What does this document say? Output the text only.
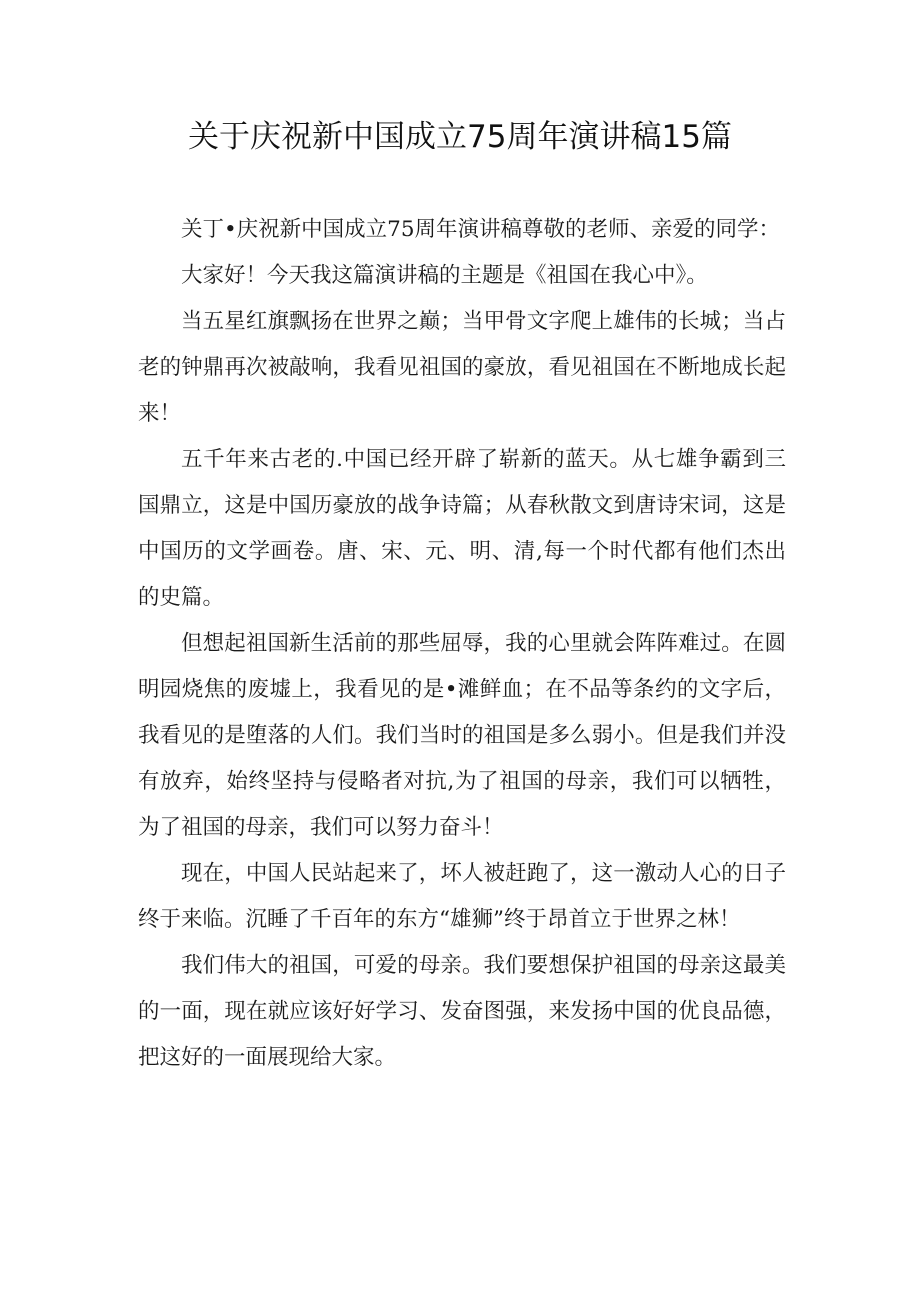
关于庆祝新中国成立75周年演讲稿15篇

关丁•庆祝新中国成立75周年演讲稿尊敬的老师、亲爱的同学：

大家好！今天我这篇演讲稿的主题是《祖国在我心中》。

当五星红旗飘扬在世界之巅；当甲骨文字爬上雄伟的长城；当占老的钟鼎再次被敲响，我看见祖国的豪放，看见祖国在不断地成长起来！

五千年来古老的.中国已经开辟了崭新的蓝天。从七雄争霸到三国鼎立，这是中国历豪放的战争诗篇；从春秋散文到唐诗宋词，这是中国历的文学画卷。唐、宋、元、明、清,每一个时代都有他们杰出的史篇。

但想起祖国新生活前的那些屈辱，我的心里就会阵阵难过。在圆明园烧焦的废墟上，我看见的是•滩鲜血；在不品等条约的文字后，我看见的是堕落的人们。我们当时的祖国是多么弱小。但是我们并没有放弃，始终坚持与侵略者对抗,为了祖国的母亲，我们可以牺牲，为了祖国的母亲，我们可以努力奋斗！

现在，中国人民站起来了，坏人被赶跑了，这一激动人心的日子终于来临。沉睡了千百年的东方“雄狮”终于昂首立于世界之林！

我们伟大的祖国，可爱的母亲。我们要想保护祖国的母亲这最美的一面，现在就应该好好学习、发奋图强，来发扬中国的优良品德，把这好的一面展现给大家。
